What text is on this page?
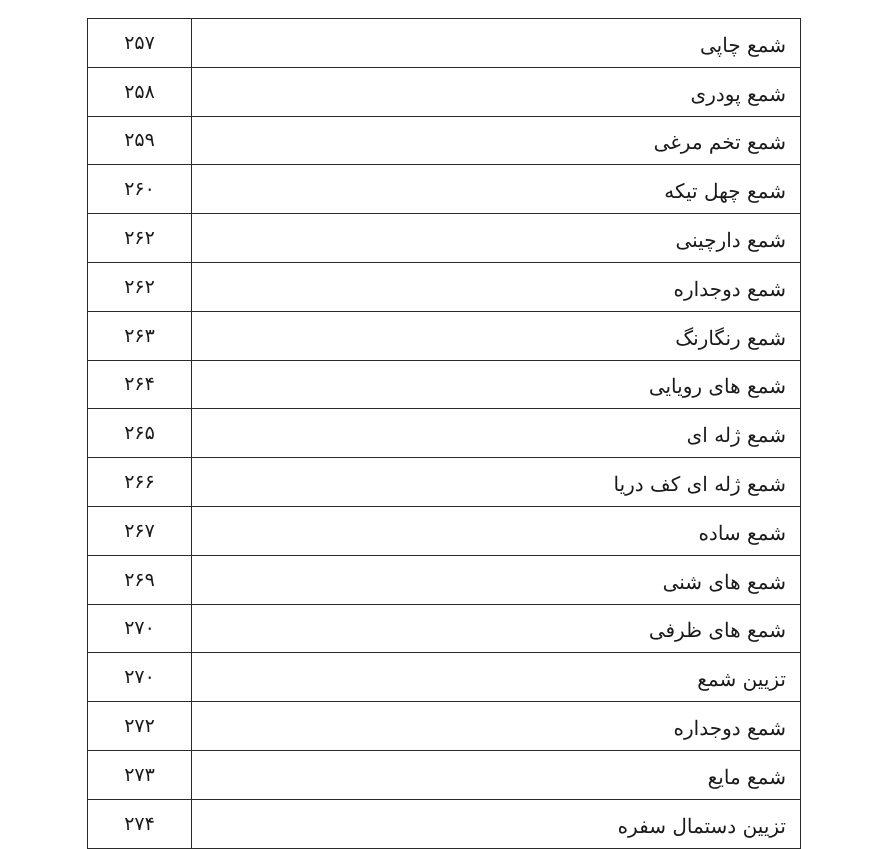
۲۵۷	شمع چاپی
۲۵۸	شمع پودری
۲۵۹	شمع تخم مرغی
۲۶۰	شمع چهل تیکه
۲۶۲	شمع دارچینی
۲۶۲	شمع دوجداره
۲۶۳	شمع رنگارنگ
۲۶۴	شمع های رویایی
۲۶۵	شمع ژله ای
۲۶۶	شمع ژله ای کف دریا
۲۶۷	شمع ساده
۲۶۹	شمع های شنی
۲۷۰	شمع های ظرفی
۲۷۰	تزیین شمع
۲۷۲	شمع دوجداره
۲۷۳	شمع مایع
۲۷۴	تزیین دستمال سفره
